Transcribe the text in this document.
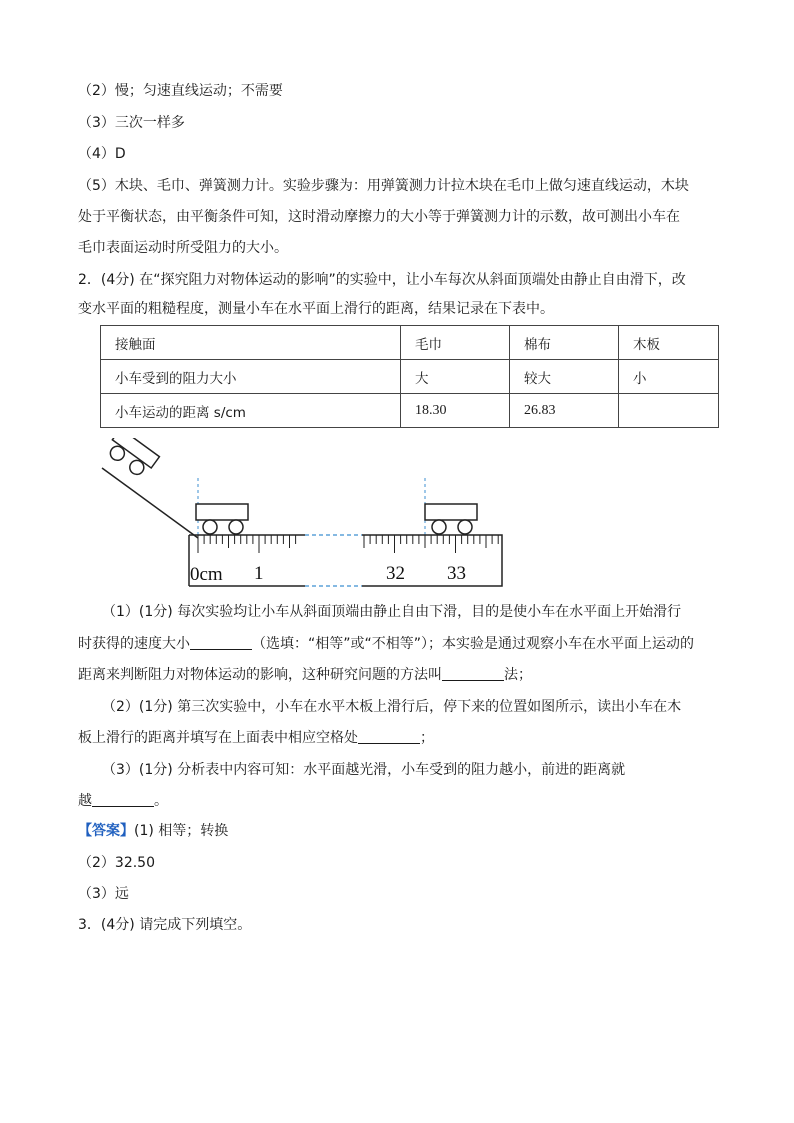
（2）慢；匀速直线运动；不需要
（3）三次一样多
（4）D
（5）木块、毛巾、弹簧测力计。实验步骤为：用弹簧测力计拉木块在毛巾上做匀速直线运动，木块
处于平衡状态，由平衡条件可知，这时滑动摩擦力的大小等于弹簧测力计的示数，故可测出小车在
毛巾表面运动时所受阻力的大小。
2．(4分) 在“探究阻力对物体运动的影响”的实验中，让小车每次从斜面顶端处由静止自由滑下，改
变水平面的粗糙程度，测量小车在水平面上滑行的距离，结果记录在下表中。
接触面	毛巾	棉布	木板
小车受到的阻力大小	大	较大	小
小车运动的距离 s/cm	18.30	26.83	
0cm 1	32 33
（1）(1分) 每次实验均让小车从斜面顶端由静止自由下滑，目的是使小车在水平面上开始滑行
时获得的速度大小	（选填：“相等”或“不相等”）；本实验是通过观察小车在水平面上运动的
距离来判断阻力对物体运动的影响，这种研究问题的方法叫	法；
（2）(1分) 第三次实验中，小车在水平木板上滑行后，停下来的位置如图所示，读出小车在木
板上滑行的距离并填写在上面表中相应空格处	；
（3）(1分) 分析表中内容可知：水平面越光滑，小车受到的阻力越小，前进的距离就
越	。
【答案】(1) 相等；转换
（2）32.50
（3）远
3．(4分) 请完成下列填空。
